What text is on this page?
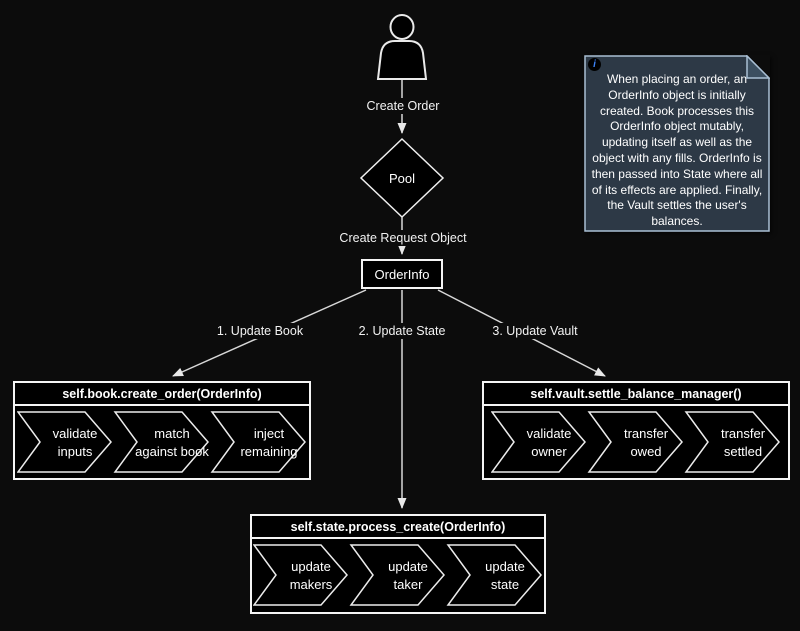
Pool
Create Order
Create Request Object
1. Update Book	2. Update State	3. Update Vault
OrderInfo
self.book.create_order(OrderInfo)
validate
inputs
match
against book
inject
remaining
self.vault.settle_balance_manager()
validate
owner
transfer
owed
transfer
settled
self.state.process_create(OrderInfo)
update
makers
update
taker
update
state
i
When placing an order, an OrderInfo object is initially created. Book processes this OrderInfo object mutably, updating itself as well as the object with any fills. OrderInfo is then passed into State where all of its effects are applied. Finally, the Vault settles the user's balances.
